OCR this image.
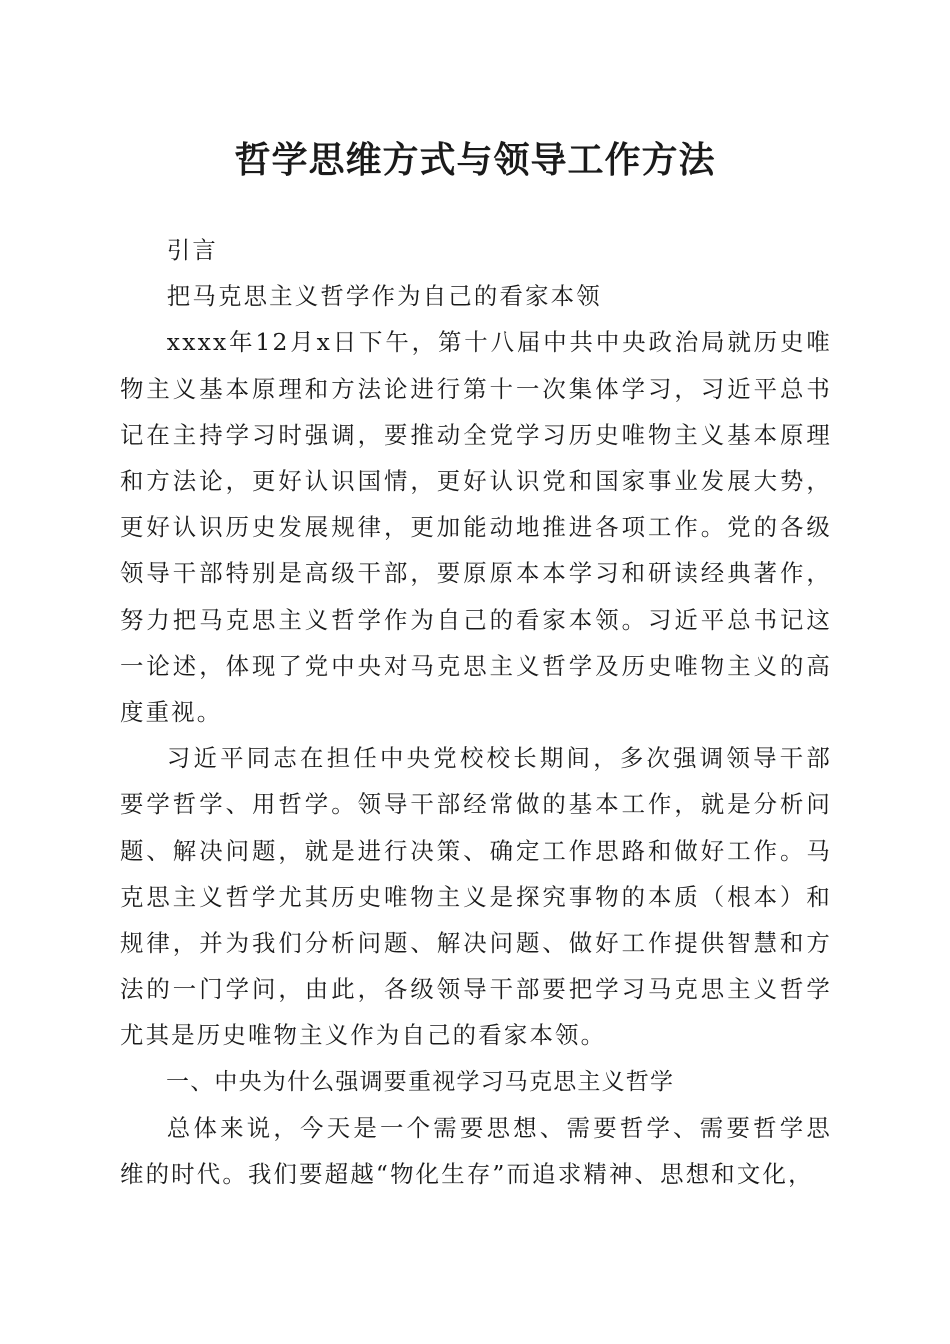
哲学思维方式与领导工作方法

引言

把马克思主义哲学作为自己的看家本领

xxxx年12月x日下午，第十八届中共中央政治局就历史唯物主义基本原理和方法论进行第十一次集体学习，习近平总书记在主持学习时强调，要推动全党学习历史唯物主义基本原理和方法论，更好认识国情，更好认识党和国家事业发展大势，更好认识历史发展规律，更加能动地推进各项工作。党的各级领导干部特别是高级干部，要原原本本学习和研读经典著作，努力把马克思主义哲学作为自己的看家本领。习近平总书记这一论述，体现了党中央对马克思主义哲学及历史唯物主义的高度重视。

习近平同志在担任中央党校校长期间，多次强调领导干部要学哲学、用哲学。领导干部经常做的基本工作，就是分析问题、解决问题，就是进行决策、确定工作思路和做好工作。马克思主义哲学尤其历史唯物主义是探究事物的本质（根本）和规律，并为我们分析问题、解决问题、做好工作提供智慧和方法的一门学问，由此，各级领导干部要把学习马克思主义哲学尤其是历史唯物主义作为自己的看家本领。

一、中央为什么强调要重视学习马克思主义哲学

总体来说，今天是一个需要思想、需要哲学、需要哲学思维的时代。我们要超越“物化生存”而追求精神、思想和文化，
